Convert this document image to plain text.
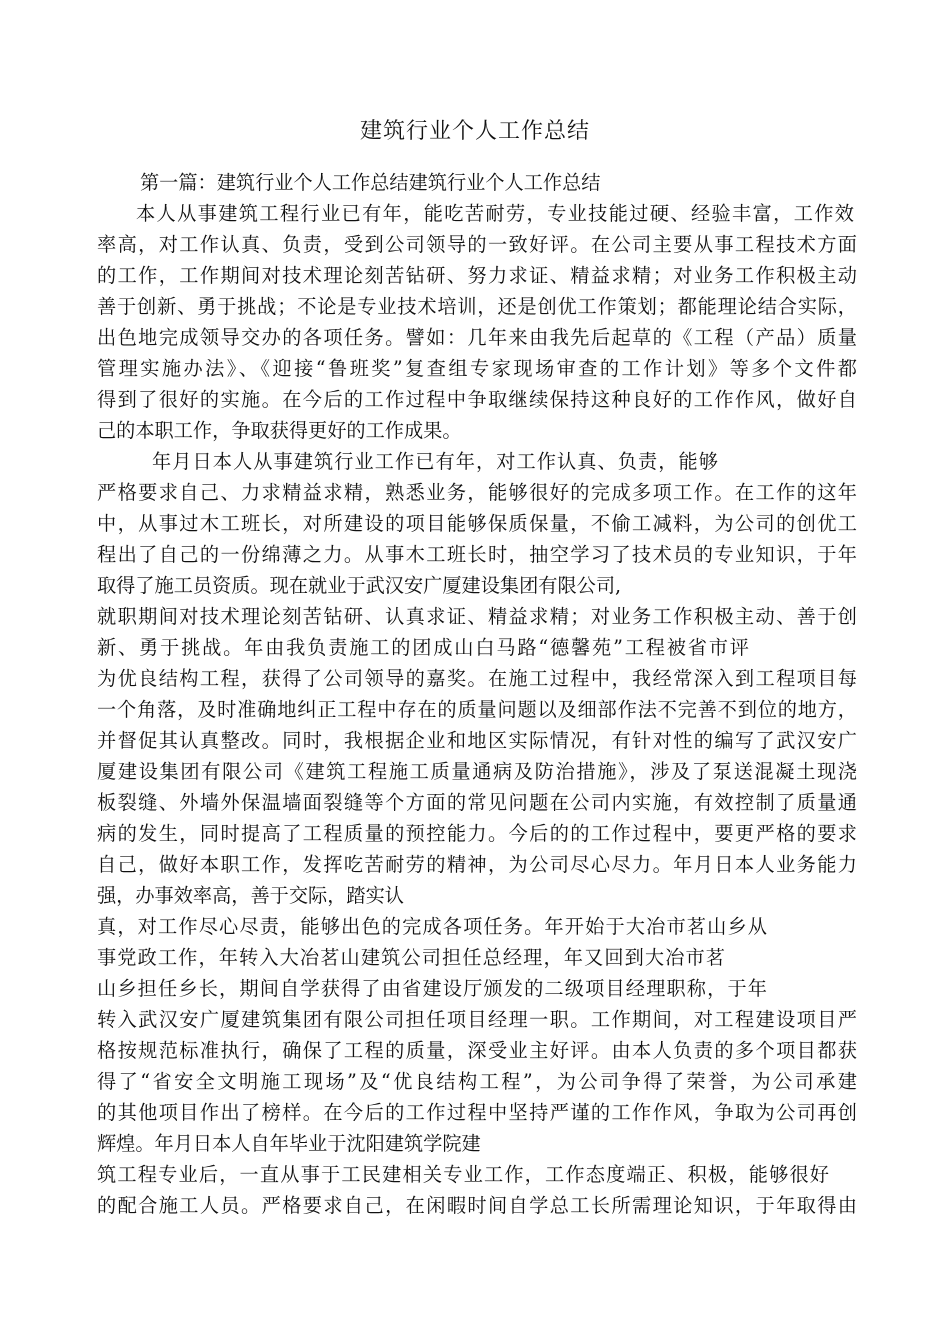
建筑行业个人工作总结
第一篇：建筑行业个人工作总结建筑行业个人工作总结
本人从事建筑工程行业已有年，能吃苦耐劳，专业技能过硬、经验丰富，工作效
率高，对工作认真、负责，受到公司领导的一致好评。在公司主要从事工程技术方面
的工作，工作期间对技术理论刻苦钻研、努力求证、精益求精；对业务工作积极主动
善于创新、勇于挑战；不论是专业技术培训，还是创优工作策划；都能理论结合实际，
出色地完成领导交办的各项任务。譬如：几年来由我先后起草的《工程（产品）质量
管理实施办法》、《迎接“鲁班奖”复查组专家现场审查的工作计划》等多个文件都
得到了很好的实施。在今后的工作过程中争取继续保持这种良好的工作作风，做好自
己的本职工作，争取获得更好的工作成果。
年月日本人从事建筑行业工作已有年，对工作认真、负责，能够
严格要求自己、力求精益求精，熟悉业务，能够很好的完成多项工作。在工作的这年
中，从事过木工班长，对所建设的项目能够保质保量，不偷工减料，为公司的创优工
程出了自己的一份绵薄之力。从事木工班长时，抽空学习了技术员的专业知识，于年
取得了施工员资质。现在就业于武汉安广厦建设集团有限公司,
就职期间对技术理论刻苦钻研、认真求证、精益求精；对业务工作积极主动、善于创
新、勇于挑战。年由我负责施工的团成山白马路“德馨苑”工程被省市评
为优良结构工程，获得了公司领导的嘉奖。在施工过程中，我经常深入到工程项目每
一个角落，及时准确地纠正工程中存在的质量问题以及细部作法不完善不到位的地方，
并督促其认真整改。同时，我根据企业和地区实际情况，有针对性的编写了武汉安广
厦建设集团有限公司《建筑工程施工质量通病及防治措施》，涉及了泵送混凝土现浇
板裂缝、外墙外保温墙面裂缝等个方面的常见问题在公司内实施，有效控制了质量通
病的发生，同时提高了工程质量的预控能力。今后的的工作过程中，要更严格的要求
自己，做好本职工作，发挥吃苦耐劳的精神，为公司尽心尽力。年月日本人业务能力
强，办事效率高，善于交际，踏实认
真，对工作尽心尽责，能够出色的完成各项任务。年开始于大冶市茗山乡从
事党政工作，年转入大冶茗山建筑公司担任总经理，年又回到大冶市茗
山乡担任乡长，期间自学获得了由省建设厅颁发的二级项目经理职称，于年
转入武汉安广厦建筑集团有限公司担任项目经理一职。工作期间，对工程建设项目严
格按规范标准执行，确保了工程的质量，深受业主好评。由本人负责的多个项目都获
得了“省安全文明施工现场”及“优良结构工程”，为公司争得了荣誉，为公司承建
的其他项目作出了榜样。在今后的工作过程中坚持严谨的工作作风，争取为公司再创
辉煌。年月日本人自年毕业于沈阳建筑学院建
筑工程专业后，一直从事于工民建相关专业工作，工作态度端正、积极，能够很好
的配合施工人员。严格要求自己，在闲暇时间自学总工长所需理论知识，于年取得由
